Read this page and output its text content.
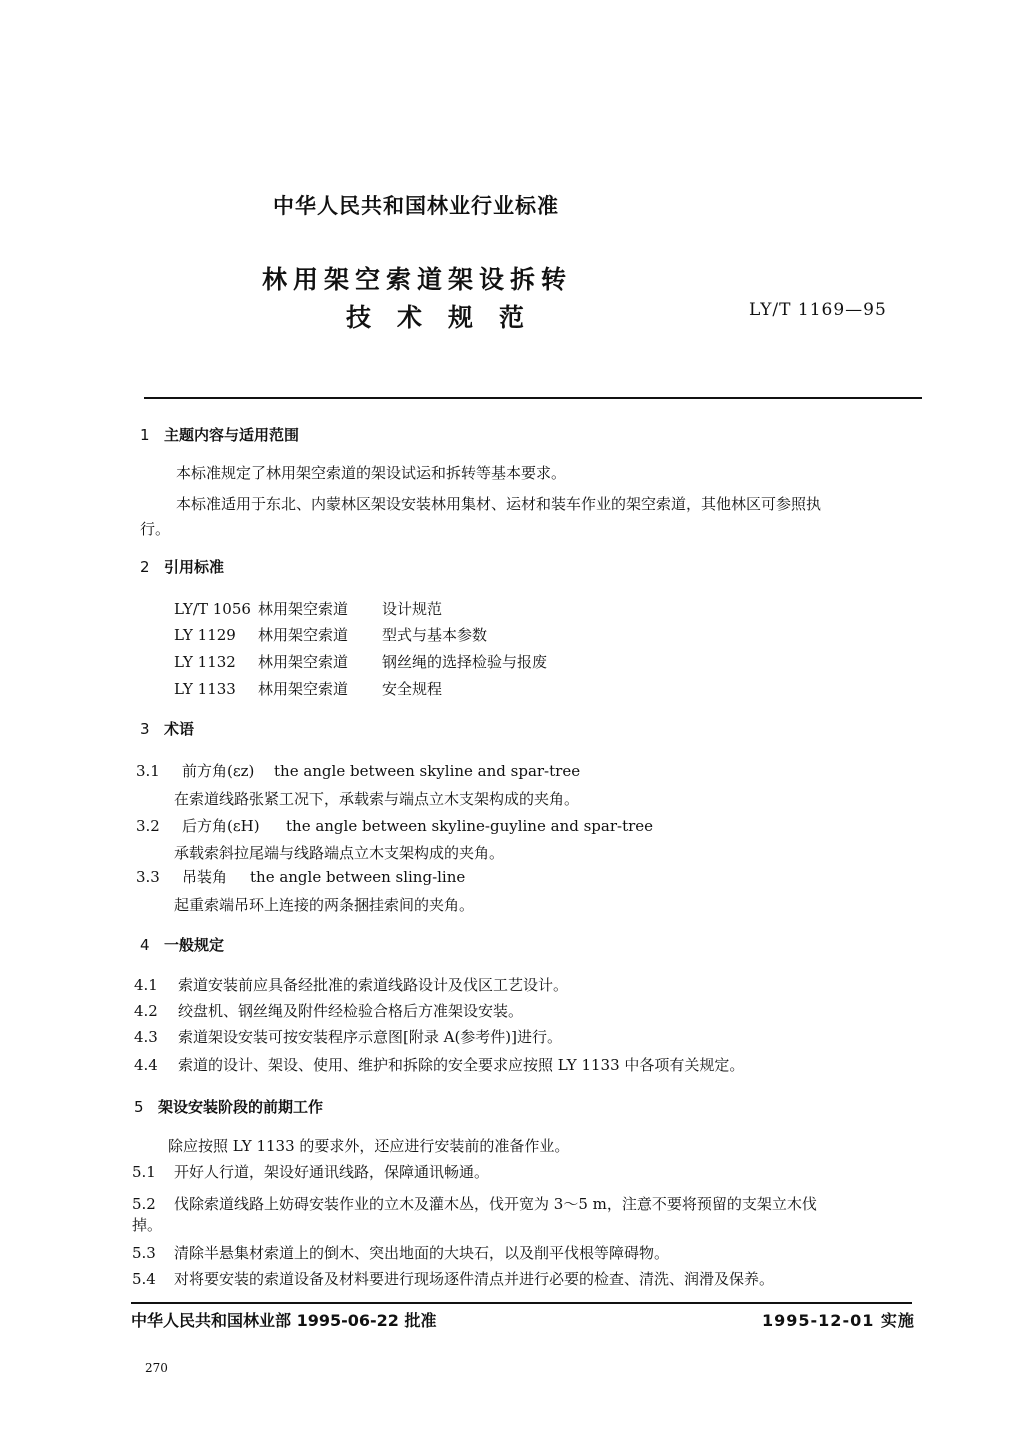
中华人民共和国林业行业标准
林用架空索道架设拆转
技术规范	LY/T 1169—95
1 主题内容与适用范围
本标准规定了林用架空索道的架设试运和拆转等基本要求。
本标准适用于东北、内蒙林区架设安装林用集材、运材和装车作业的架空索道，其他林区可参照执
行。
2 引用标准
LY/T 1056 林用架空索道 设计规范
LY 1129 林用架空索道 型式与基本参数
LY 1132 林用架空索道 钢丝绳的选择检验与报废
LY 1133 林用架空索道 安全规程
3 术语
3.1 前方角(εz) the angle between skyline and spar-tree
在索道线路张紧工况下，承载索与端点立木支架构成的夹角。
3.2 后方角(εH) the angle between skyline-guyline and spar-tree
承载索斜拉尾端与线路端点立木支架构成的夹角。
3.3 吊装角 the angle between sling-line
起重索端吊环上连接的两条捆挂索间的夹角。
4 一般规定
4.1 索道安装前应具备经批准的索道线路设计及伐区工艺设计。
4.2 绞盘机、钢丝绳及附件经检验合格后方准架设安装。
4.3 索道架设安装可按安装程序示意图[附录 A(参考件)]进行。
4.4 索道的设计、架设、使用、维护和拆除的安全要求应按照 LY 1133 中各项有关规定。
5 架设安装阶段的前期工作
除应按照 LY 1133 的要求外，还应进行安装前的准备作业。
5.1 开好人行道，架设好通讯线路，保障通讯畅通。
5.2 伐除索道线路上妨碍安装作业的立木及灌木丛，伐开宽为 3～5 m，注意不要将预留的支架立木伐
掉。
5.3 清除半悬集材索道上的倒木、突出地面的大块石，以及削平伐根等障碍物。
5.4 对将要安装的索道设备及材料要进行现场逐件清点并进行必要的检查、清洗、润滑及保养。
中华人民共和国林业部 1995-06-22 批准	1995-12-01 实施
270
